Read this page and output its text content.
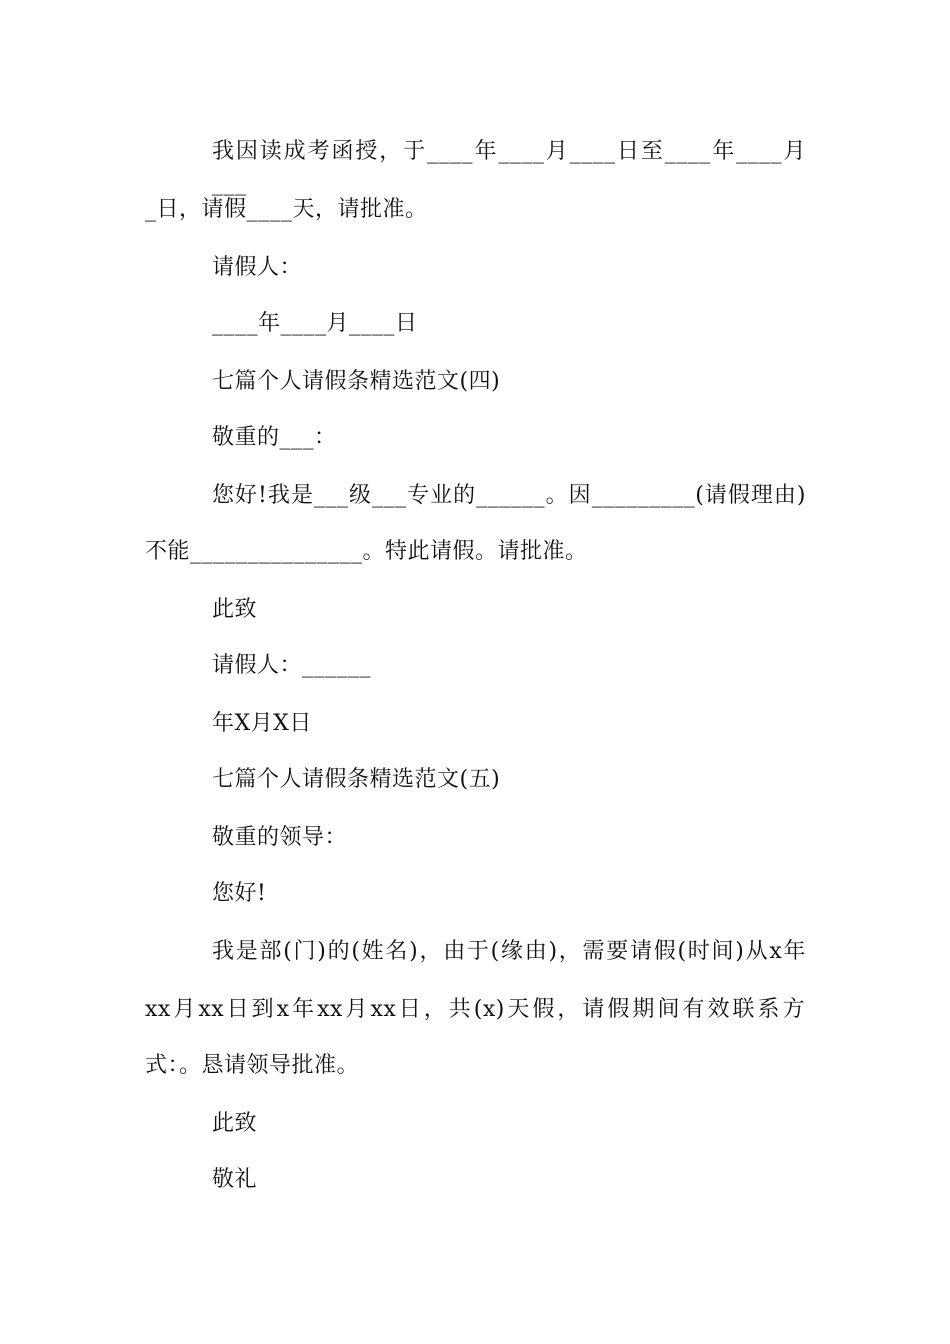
我因读成考函授，于____年____月____日至____年____月___
_日，请假____天，请批准。
请假人：
____年____月____日
七篇个人请假条精选范文(四)
敬重的___：
您好!我是___级___专业的______。因_________(请假理由)
不能_______________。特此请假。请批准。
此致
请假人：______
年X月X日
七篇个人请假条精选范文(五)
敬重的领导：
您好!
我是部(门)的(姓名)，由于(缘由)，需要请假(时间)从x年
xx月xx日到x年xx月xx日，共(x)天假，请假期间有效联系方
式：。恳请领导批准。
此致
敬礼
